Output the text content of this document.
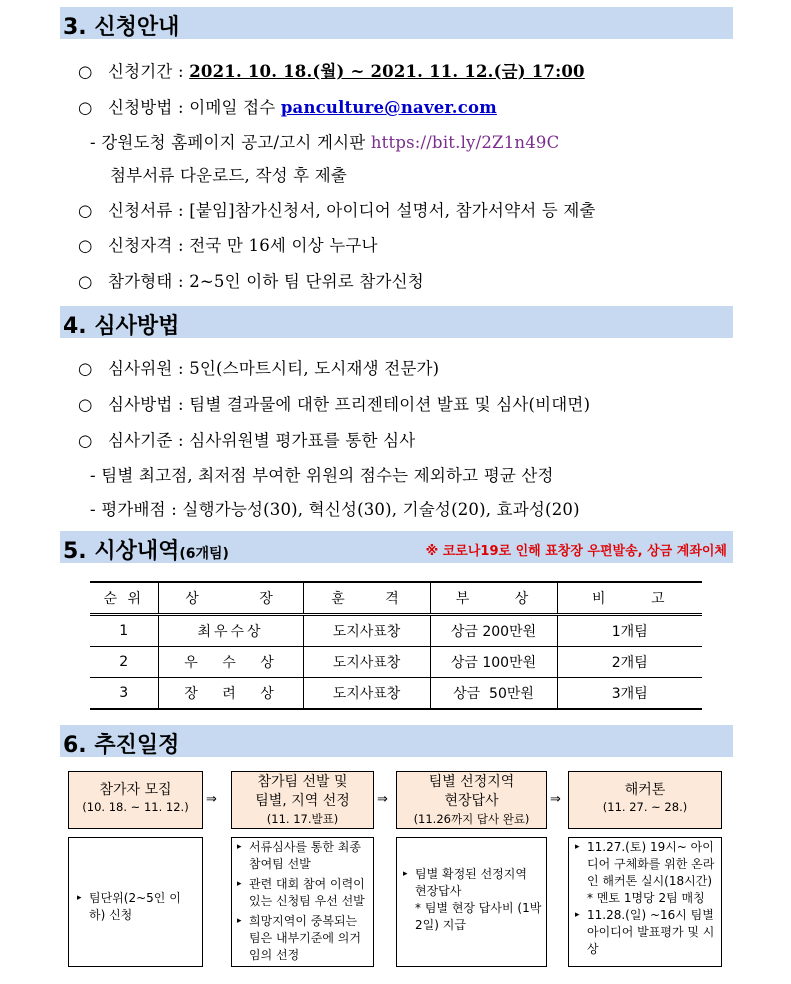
3. 신청안내
○ 신청기간 : 2021. 10. 18.(월) ~ 2021. 11. 12.(금) 17:00
○ 신청방법 : 이메일 접수 panculture@naver.com
- 강원도청 홈페이지 공고/고시 게시판 https://bit.ly/2Z1n49C
첨부서류 다운로드, 작성 후 제출
○ 신청서류 : [붙임]참가신청서, 아이디어 설명서, 참가서약서 등 제출
○ 신청자격 : 전국 만 16세 이상 누구나
○ 참가형태 : 2~5인 이하 팀 단위로 참가신청
4. 심사방법
○ 심사위원 : 5인(스마트시티, 도시재생 전문가)
○ 심사방법 : 팀별 결과물에 대한 프리젠테이션 발표 및 심사(비대면)
○ 심사기준 : 심사위원별 평가표를 통한 심사
- 팀별 최고점, 최저점 부여한 위원의 점수는 제외하고 평균 산정
- 평가배점 : 실행가능성(30), 혁신성(30), 기술성(20), 효과성(20)
5. 시상내역(6개팀)	※ 코로나19로 인해 표창장 우편발송, 상금 계좌이체
순 위	상 장	훈 격	부 상	비 고
1	최우수상	도지사표창	상금 200만원	1개팀
2	우 수 상	도지사표창	상금 100만원	2개팀
3	장 려 상	도지사표창	상금  50만원	3개팀
6. 추진일정
참가자 모집
(10. 18. ~ 11. 12.)	⇒
참가팀 선발 및
팀별, 지역 선정
(11. 17.발표)
⇒
팀별 선정지역
현장답사
(11.26까지 답사 완료)
⇒
해커톤
(11. 27. ~ 28.)
▸ 팀단위(2~5인 이하) 신청
▸ 서류심사를 통한 최종 참여팀 선발
▸ 관련 대회 참여 이력이 있는 신청팀 우선 선발
▸ 희망지역이 중복되는 팀은 내부기준에 의거 임의 선정
▸ 팀별 확정된 선정지역 현장답사
* 팀별 현장 답사비 (1박 2일) 지급
▸ 11.27.(토) 19시~ 아이디어 구체화를 위한 온라인 해커톤 실시(18시간)
* 멘토 1명당 2팀 매칭
▸ 11.28.(일) ~16시 팀별 아이디어 발표평가 및 시상
